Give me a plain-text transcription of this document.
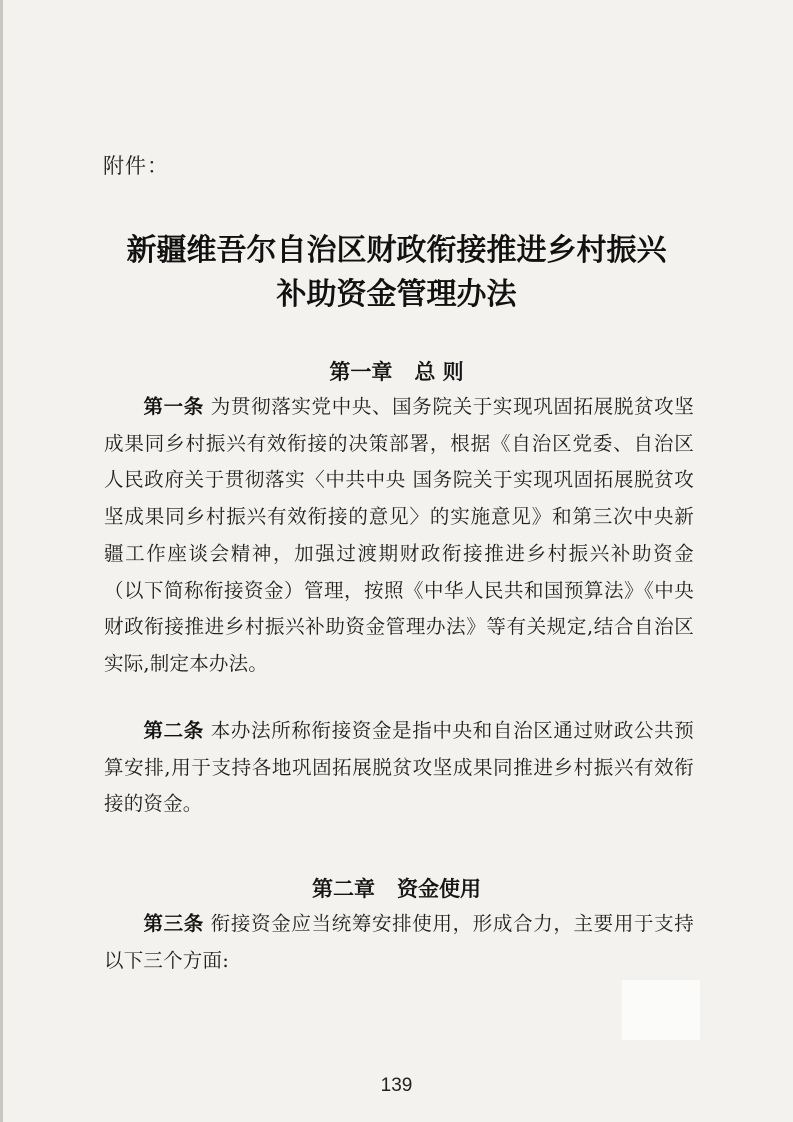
附件：
新疆维吾尔自治区财政衔接推进乡村振兴
补助资金管理办法
第一章 总 则
第一条 为贯彻落实党中央、国务院关于实现巩固拓展脱贫攻坚成果同乡村振兴有效衔接的决策部署，根据《自治区党委、自治区人民政府关于贯彻落实〈中共中央 国务院关于实现巩固拓展脱贫攻坚成果同乡村振兴有效衔接的意见〉的实施意见》和第三次中央新疆工作座谈会精神，加强过渡期财政衔接推进乡村振兴补助资金（以下简称衔接资金）管理，按照《中华人民共和国预算法》《中央财政衔接推进乡村振兴补助资金管理办法》等有关规定,结合自治区实际,制定本办法。
第二条 本办法所称衔接资金是指中央和自治区通过财政公共预算安排,用于支持各地巩固拓展脱贫攻坚成果同推进乡村振兴有效衔接的资金。
第二章 资金使用
第三条 衔接资金应当统筹安排使用，形成合力，主要用于支持以下三个方面:
139
